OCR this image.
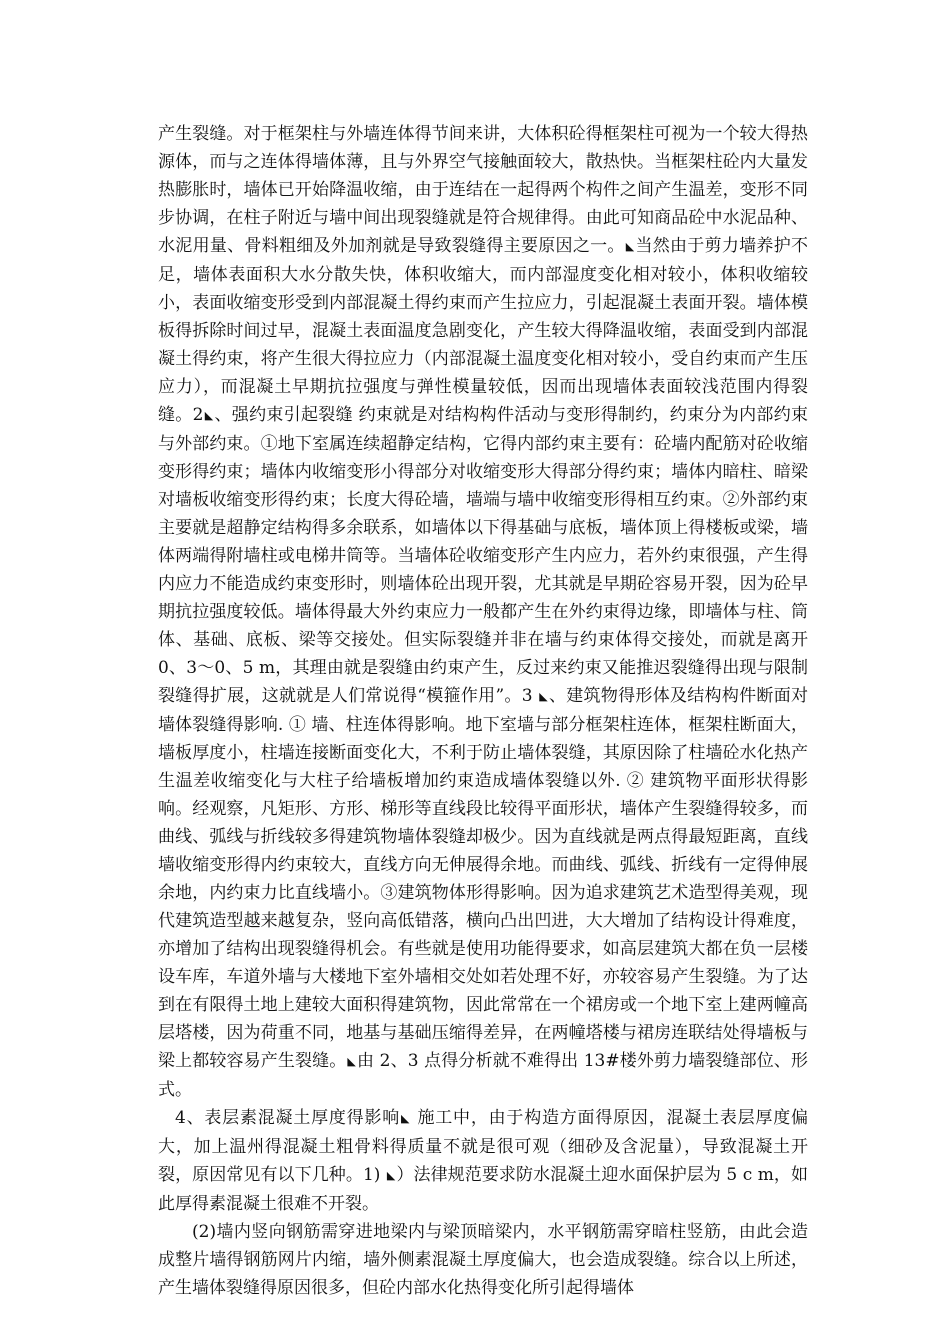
产生裂缝。对于框架柱与外墙连体得节间来讲，大体积砼得框架柱可视为一个较大得热源体，而与之连体得墙体薄，且与外界空气接触面较大，散热快。当框架柱砼内大量发热膨胀时，墙体已开始降温收缩，由于连结在一起得两个构件之间产生温差，变形不同步协调，在柱子附近与墙中间出现裂缝就是符合规律得。由此可知商品砼中水泥品种、水泥用量、骨料粗细及外加剂就是导致裂缝得主要原因之一。◣当然由于剪力墙养护不足，墙体表面积大水分散失快，体积收缩大，而内部湿度变化相对较小，体积收缩较小，表面收缩变形受到内部混凝土得约束而产生拉应力，引起混凝土表面开裂。墙体模板得拆除时间过早，混凝土表面温度急剧变化，产生较大得降温收缩，表面受到内部混凝土得约束，将产生很大得拉应力（内部混凝土温度变化相对较小，受自约束而产生压应力），而混凝土早期抗拉强度与弹性模量较低，因而出现墙体表面较浅范围内得裂缝。2◣、强约束引起裂缝 约束就是对结构构件活动与变形得制约，约束分为内部约束与外部约束。①地下室属连续超静定结构，它得内部约束主要有：砼墙内配筋对砼收缩变形得约束；墙体内收缩变形小得部分对收缩变形大得部分得约束；墙体内暗柱、暗梁对墙板收缩变形得约束；长度大得砼墙，墙端与墙中收缩变形得相互约束。②外部约束主要就是超静定结构得多余联系，如墙体以下得基础与底板，墙体顶上得楼板或梁，墙体两端得附墙柱或电梯井筒等。当墙体砼收缩变形产生内应力，若外约束很强，产生得内应力不能造成约束变形时，则墙体砼出现开裂，尤其就是早期砼容易开裂，因为砼早期抗拉强度较低。墙体得最大外约束应力一般都产生在外约束得边缘，即墙体与柱、筒体、基础、底板、梁等交接处。但实际裂缝并非在墙与约束体得交接处，而就是离开 0、3～0、5 m，其理由就是裂缝由约束产生，反过来约束又能推迟裂缝得出现与限制裂缝得扩展，这就就是人们常说得“模箍作用”。3 ◣、建筑物得形体及结构构件断面对墙体裂缝得影响. ① 墙、柱连体得影响。地下室墙与部分框架柱连体，框架柱断面大，墙板厚度小，柱墙连接断面变化大，不利于防止墙体裂缝，其原因除了柱墙砼水化热产生温差收缩变化与大柱子给墙板增加约束造成墙体裂缝以外. ② 建筑物平面形状得影响。经观察，凡矩形、方形、梯形等直线段比较得平面形状，墙体产生裂缝得较多，而曲线、弧线与折线较多得建筑物墙体裂缝却极少。因为直线就是两点得最短距离，直线墙收缩变形得内约束较大，直线方向无伸展得余地。而曲线、弧线、折线有一定得伸展余地，内约束力比直线墙小。③建筑物体形得影响。因为追求建筑艺术造型得美观，现代建筑造型越来越复杂，竖向高低错落，横向凸出凹进，大大增加了结构设计得难度，亦增加了结构出现裂缝得机会。有些就是使用功能得要求，如高层建筑大都在负一层楼设车库，车道外墙与大楼地下室外墙相交处如若处理不好，亦较容易产生裂缝。为了达到在有限得土地上建较大面积得建筑物，因此常常在一个裙房或一个地下室上建两幢高层塔楼，因为荷重不同，地基与基础压缩得差异，在两幢塔楼与裙房连联结处得墙板与梁上都较容易产生裂缝。◣由 2、3 点得分析就不难得出 13#楼外剪力墙裂缝部位、形式。

4、表层素混凝土厚度得影响◣ 施工中，由于构造方面得原因，混凝土表层厚度偏大，加上温州得混凝土粗骨料得质量不就是很可观（细砂及含泥量），导致混凝土开裂，原因常见有以下几种。1) ◣）法律规范要求防水混凝土迎水面保护层为 5 c m，如此厚得素混凝土很难不开裂。

(2)墙内竖向钢筋需穿进地梁内与梁顶暗梁内，水平钢筋需穿暗柱竖筋，由此会造成整片墙得钢筋网片内缩，墙外侧素混凝土厚度偏大，也会造成裂缝。综合以上所述，产生墙体裂缝得原因很多，但砼内部水化热得变化所引起得墙体
